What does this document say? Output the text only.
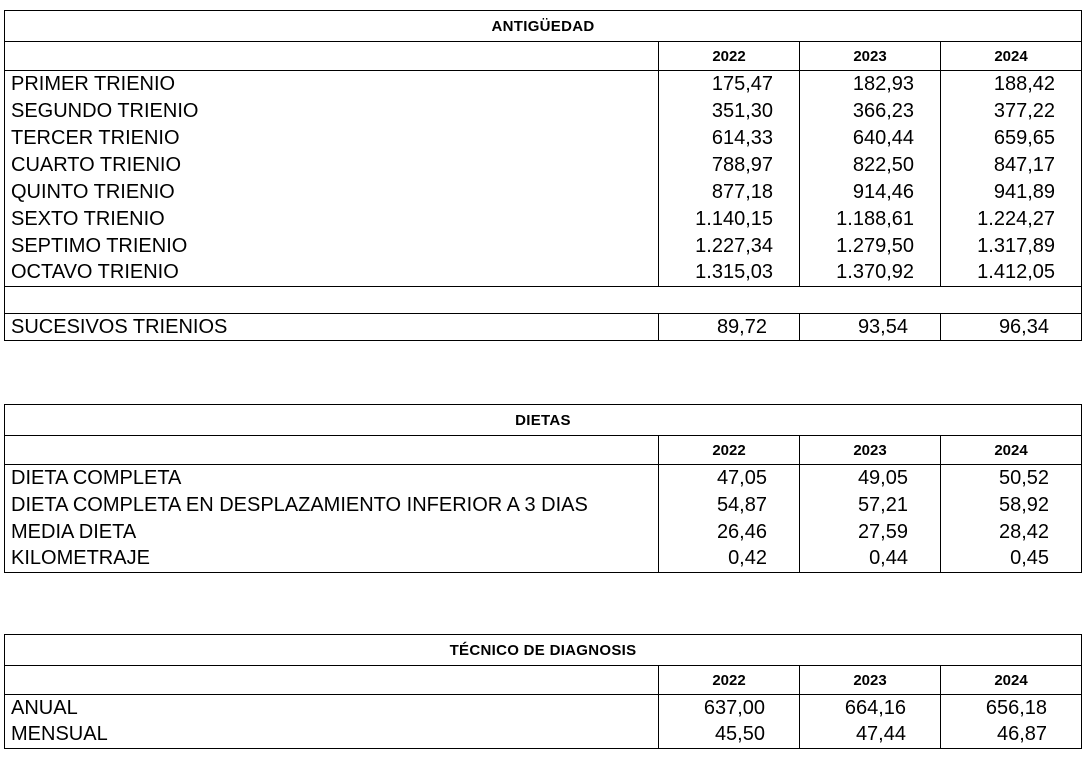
ANTIGÜEDAD			
	2022	2023	2024
PRIMER TRIENIO	175,47	182,93	188,42
SEGUNDO TRIENIO	351,30	366,23	377,22
TERCER TRIENIO	614,33	640,44	659,65
CUARTO TRIENIO	788,97	822,50	847,17
QUINTO TRIENIO	877,18	914,46	941,89
SEXTO TRIENIO	1.140,15	1.188,61	1.224,27
SEPTIMO TRIENIO	1.227,34	1.279,50	1.317,89
OCTAVO TRIENIO	1.315,03	1.370,92	1.412,05

SUCESIVOS TRIENIOS	89,72	93,54	96,34
DIETAS			
	2022	2023	2024
DIETA COMPLETA	47,05	49,05	50,52
DIETA COMPLETA EN DESPLAZAMIENTO INFERIOR A 3 DIAS	54,87	57,21	58,92
MEDIA DIETA	26,46	27,59	28,42
KILOMETRAJE	0,42	0,44	0,45
TÉCNICO DE DIAGNOSIS			
	2022	2023	2024
ANUAL	637,00	664,16	656,18
MENSUAL	45,50	47,44	46,87
